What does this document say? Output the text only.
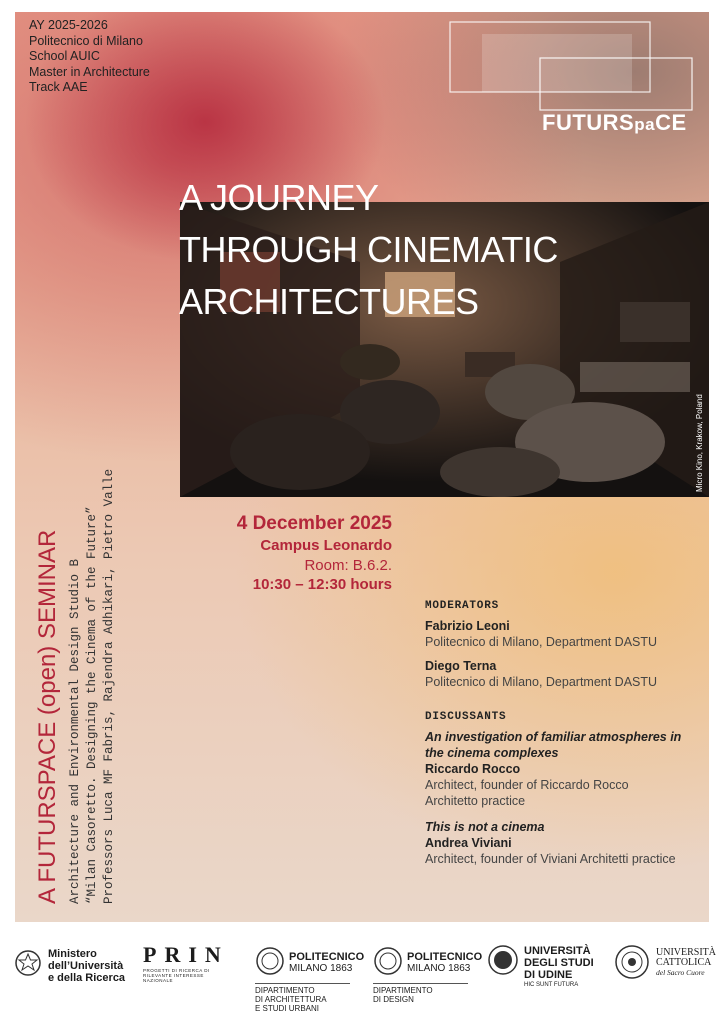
AY 2025-2026
Politecnico di Milano
School AUIC
Master in Architecture
Track AAE
FUTURSpaCE
A JOURNEY
THROUGH CINEMATIC
ARCHITECTURES
Micro Kino, Krakow, Poland
4 December 2025
Campus Leonardo
Room: B.6.2.
10:30 – 12:30 hours
A FUTURSPACE (open) SEMINAR Architecture and Environmental Design Studio B “Milan Casoretto. Designing the Cinema of the Future” Professors Luca MF Fabris, Rajendra Adhikari, Pietro Valle	MODERATORS
Fabrizio Leoni
Politecnico di Milano, Department DASTU
Diego Terna
Politecnico di Milano, Department DASTU
DISCUSSANTS
An investigation of familiar atmospheres in
the cinema complexes
Riccardo Rocco
Architect, founder of Riccardo Rocco
Architetto practice
This is not a cinema
Andrea Viviani
Architect, founder of Viviani Architetti practice
Ministero
dell’Università
e della Ricerca
PRIN
PROGETTI DI RICERCA DI
RILEVANTE INTERESSE
NAZIONALE
POLITECNICO
MILANO 1863
DIPARTIMENTO
DI ARCHITETTURA
E STUDI URBANI
POLITECNICO
MILANO 1863
DIPARTIMENTO
DI DESIGN
UNIVERSITÀ
DEGLI STUDI
DI UDINE
HIC SUNT FUTURA
UNIVERSITÀ
CATTOLICA
del Sacro Cuore
